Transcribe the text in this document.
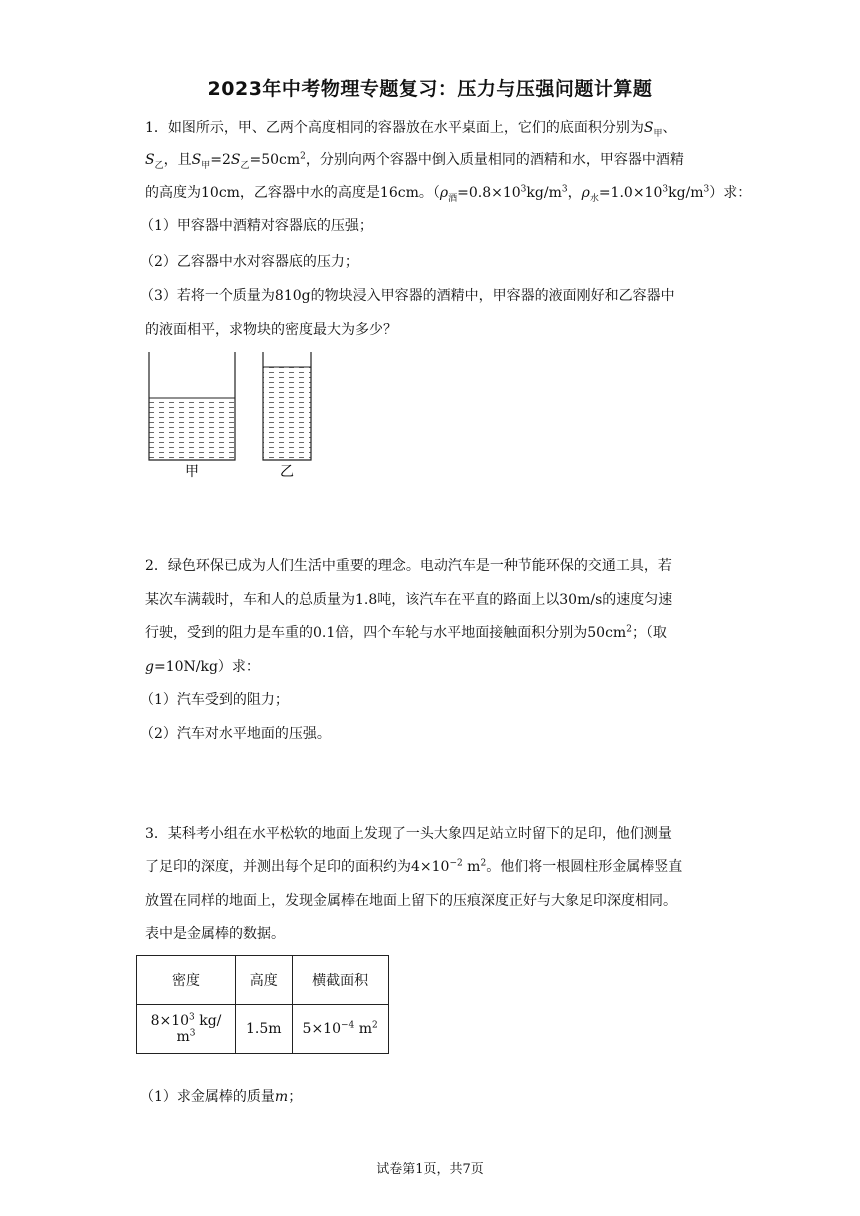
2023年中考物理专题复习：压力与压强问题计算题
1．如图所示，甲、乙两个高度相同的容器放在水平桌面上，它们的底面积分别为$S_甲$、
$S_乙$，且$S_甲=2S_乙=50cm^2$，分别向两个容器中倒入质量相同的酒精和水，甲容器中酒精
的高度为10cm，乙容器中水的高度是16cm。（$\rho_酒=0.8\times 10^3kg/m^3$，$\rho_水=1.0\times 10^3kg/m^3$）求：
（1）甲容器中酒精对容器底的压强；
（2）乙容器中水对容器底的压力；
（3）若将一个质量为810g的物块浸入甲容器的酒精中，甲容器的液面刚好和乙容器中
的液面相平，求物块的密度最大为多少？
甲	乙
2．绿色环保已成为人们生活中重要的理念。电动汽车是一种节能环保的交通工具，若
某次车满载时，车和人的总质量为1.8吨，该汽车在平直的路面上以30m/s的速度匀速
行驶，受到的阻力是车重的0.1倍，四个车轮与水平地面接触面积分别为$50cm^2$；（取
g=10N/kg）求：
（1）汽车受到的阻力；
（2）汽车对水平地面的压强。
3．某科考小组在水平松软的地面上发现了一头大象四足站立时留下的足印，他们测量
了足印的深度，并测出每个足印的面积约为$4\times 10^{-2}$ $m^2$。他们将一根圆柱形金属棒竖直
放置在同样的地面上，发现金属棒在地面上留下的压痕深度正好与大象足印深度相同。
表中是金属棒的数据。
密度	高度	横截面积
$8\times 10^3$ kg/ $m^3$	1.5m	$5\times 10^{-4}$ $m^2$
（1）求金属棒的质量m；
试卷第1页，共7页
